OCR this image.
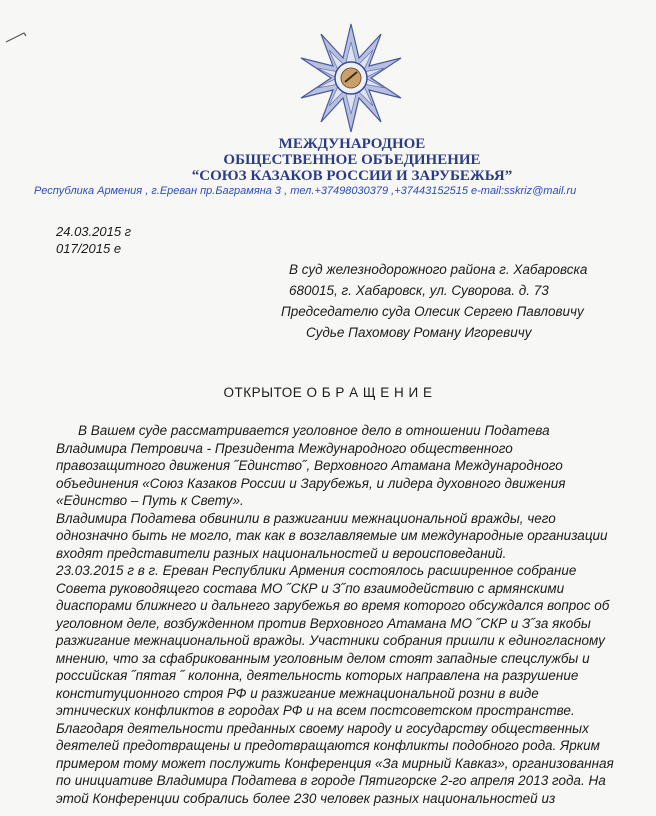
МЕЖДУНАРОДНОЕ
ОБЩЕСТВЕННОЕ ОБЪЕДИНЕНИЕ
“СОЮЗ КАЗАКОВ РОССИИ И ЗАРУБЕЖЬЯ”
Республика Армения , г.Ереван пр.Баграмяна 3 , тел.+37498030379 ,+37443152515 e-mail:sskriz@mail.ru
24.03.2015 г
017/2015 е
В суд железнодорожного района г. Хабаровска
680015, г. Хабаровск, ул. Суворова. д. 73
Председателю суда Олесик Сергею Павловичу
Судье Пахомову Роману Игоревичу
ОТКРЫТОЕ О Б Р А Щ Е Н И Е

В Вашем суде рассматривается уголовное дело в отношении Податева Владимира Петровича - Президента Международного общественного правозащитного движения ˝Единство˝, Верховного Атамана Международного объединения «Союз Казаков России и Зарубежья, и лидера духовного движения «Единство – Путь к Свету».

Владимира Податева обвинили в разжигании межнациональной вражды, чего однозначно быть не могло, так как в возглавляемые им международные организации входят представители разных национальностей и вероисповеданий.

23.03.2015 г в г. Ереван Республики Армения состоялось расширенное собрание Совета руководящего состава МО ˝СКР и З˝по взаимодействию с армянскими диаспорами ближнего и дальнего зарубежья во время которого обсуждался вопрос об уголовном деле, возбужденном против Верховного Атамана МО ˝СКР и З˝за якобы разжигание межнациональной вражды. Участники собрания пришли к единогласному мнению, что за сфабрикованным уголовным делом стоят западные спецслужбы и российская ˝пятая ˝ колонна, деятельность которых направлена на разрушение конституционного строя РФ и разжигание межнациональной розни в виде этнических конфликтов в городах РФ и на всем постсоветском пространстве.

Благодаря деятельности преданных своему народу и государству общественных деятелей предотвращены и предотвращаются конфликты подобного рода. Ярким примером тому может послужить Конференция «За мирный Кавказ», организованная по инициативе Владимира Податева в городе Пятигорске 2-го апреля 2013 года. На этой Конференции собрались более 230 человек разных национальностей из
